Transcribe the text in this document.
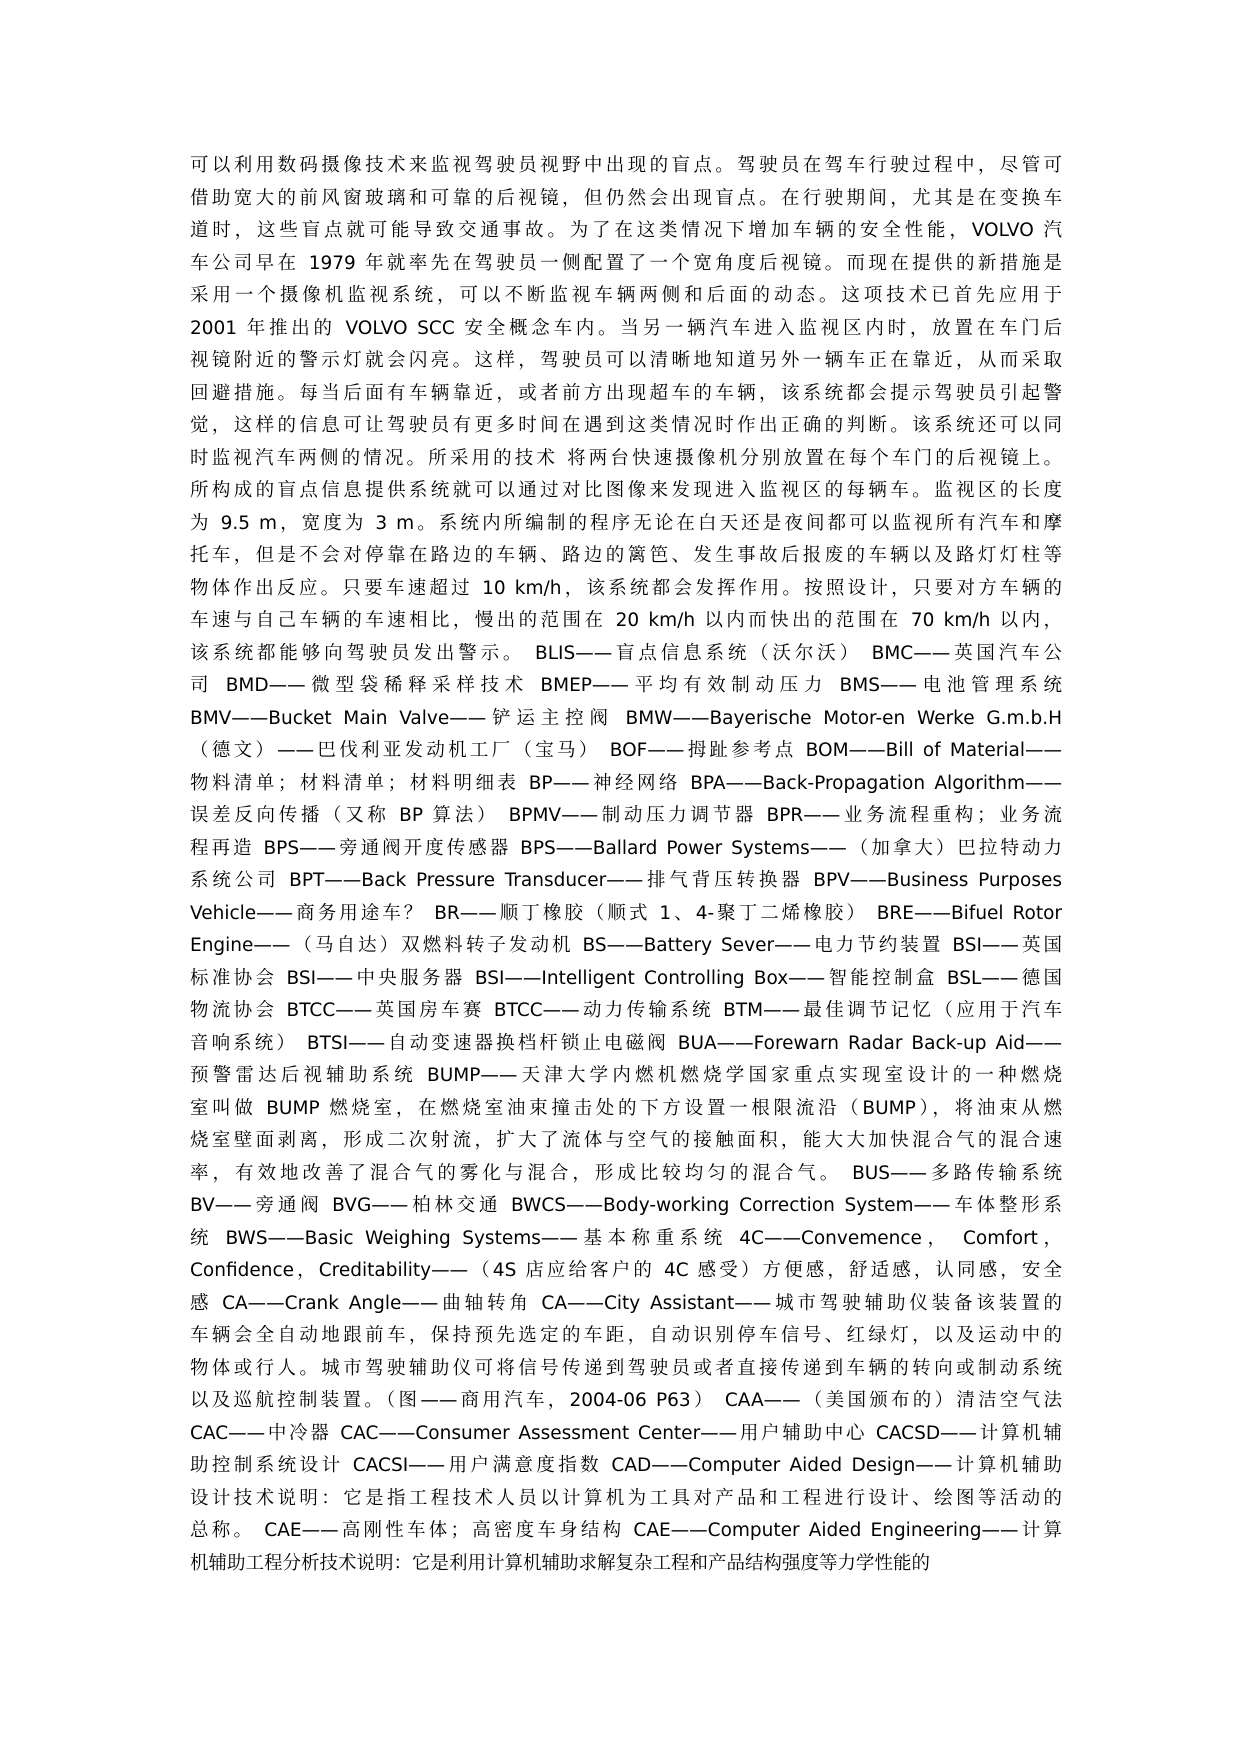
可以利用数码摄像技术来监视驾驶员视野中出现的盲点。驾驶员在驾车行驶过程中，尽管可
借助宽大的前风窗玻璃和可靠的后视镜，但仍然会出现盲点。在行驶期间，尤其是在变换车
道时，这些盲点就可能导致交通事故。为了在这类情况下增加车辆的安全性能，VOLVO 汽
车公司早在 1979 年就率先在驾驶员一侧配置了一个宽角度后视镜。而现在提供的新措施是
采用一个摄像机监视系统，可以不断监视车辆两侧和后面的动态。这项技术已首先应用于
2001 年推出的 VOLVO SCC 安全概念车内。当另一辆汽车进入监视区内时，放置在车门后
视镜附近的警示灯就会闪亮。这样，驾驶员可以清晰地知道另外一辆车正在靠近，从而采取
回避措施。每当后面有车辆靠近，或者前方出现超车的车辆，该系统都会提示驾驶员引起警
觉，这样的信息可让驾驶员有更多时间在遇到这类情况时作出正确的判断。该系统还可以同
时监视汽车两侧的情况。所采用的技术 将两台快速摄像机分别放置在每个车门的后视镜上。
所构成的盲点信息提供系统就可以通过对比图像来发现进入监视区的每辆车。监视区的长度
为 9.5 m，宽度为 3 m。系统内所编制的程序无论在白天还是夜间都可以监视所有汽车和摩
托车，但是不会对停靠在路边的车辆、路边的篱笆、发生事故后报废的车辆以及路灯灯柱等
物体作出反应。只要车速超过 10 km/h，该系统都会发挥作用。按照设计，只要对方车辆的
车速与自己车辆的车速相比，慢出的范围在 20 km/h 以内而快出的范围在 70 km/h 以内，
该系统都能够向驾驶员发出警示。 BLIS——盲点信息系统（沃尔沃） BMC——英国汽车公
司 BMD——微型袋稀释采样技术 BMEP——平均有效制动压力 BMS——电池管理系统
BMV——Bucket Main Valve——铲运主控阀 BMW——Bayerische Motor-en Werke G.m.b.H
（德文）——巴伐利亚发动机工厂（宝马） BOF——拇趾参考点 BOM——Bill of Material——
物料清单；材料清单；材料明细表 BP——神经网络 BPA——Back-Propagation Algorithm——
误差反向传播（又称 BP 算法） BPMV——制动压力调节器 BPR——业务流程重构；业务流
程再造 BPS——旁通阀开度传感器 BPS——Ballard Power Systems——（加拿大）巴拉特动力
系统公司 BPT——Back Pressure Transducer——排气背压转换器 BPV——Business Purposes
Vehicle——商务用途车？ BR——顺丁橡胶（顺式 1、4-聚丁二烯橡胶） BRE——Bifuel Rotor
Engine——（马自达）双燃料转子发动机 BS——Battery Sever——电力节约装置 BSI——英国
标准协会 BSI——中央服务器 BSI——Intelligent Controlling Box——智能控制盒 BSL——德国
物流协会 BTCC——英国房车赛 BTCC——动力传输系统 BTM——最佳调节记忆（应用于汽车
音响系统） BTSI——自动变速器换档杆锁止电磁阀 BUA——Forewarn Radar Back-up Aid——
预警雷达后视辅助系统 BUMP——天津大学内燃机燃烧学国家重点实现室设计的一种燃烧
室叫做 BUMP 燃烧室，在燃烧室油束撞击处的下方设置一根限流沿（BUMP），将油束从燃
烧室壁面剥离，形成二次射流，扩大了流体与空气的接触面积，能大大加快混合气的混合速
率，有效地改善了混合气的雾化与混合，形成比较均匀的混合气。 BUS——多路传输系统
BV——旁通阀 BVG——柏林交通 BWCS——Body-working Correction System——车体整形系
统 BWS——Basic Weighing Systems——基本称重系统 4C——Convemence， Comfort，
Confidence，Creditability——（4S 店应给客户的 4C 感受）方便感，舒适感，认同感，安全
感 CA——Crank Angle——曲轴转角 CA——City Assistant——城市驾驶辅助仪装备该装置的
车辆会全自动地跟前车，保持预先选定的车距，自动识别停车信号、红绿灯，以及运动中的
物体或行人。城市驾驶辅助仪可将信号传递到驾驶员或者直接传递到车辆的转向或制动系统
以及巡航控制装置。（图——商用汽车，2004-06 P63） CAA——（美国颁布的）清洁空气法
CAC——中冷器 CAC——Consumer Assessment Center——用户辅助中心 CACSD——计算机辅
助控制系统设计 CACSI——用户满意度指数 CAD——Computer Aided Design——计算机辅助
设计技术说明：它是指工程技术人员以计算机为工具对产品和工程进行设计、绘图等活动的
总称。 CAE——高刚性车体；高密度车身结构 CAE——Computer Aided Engineering——计算
机辅助工程分析技术说明：它是利用计算机辅助求解复杂工程和产品结构强度等力学性能的
